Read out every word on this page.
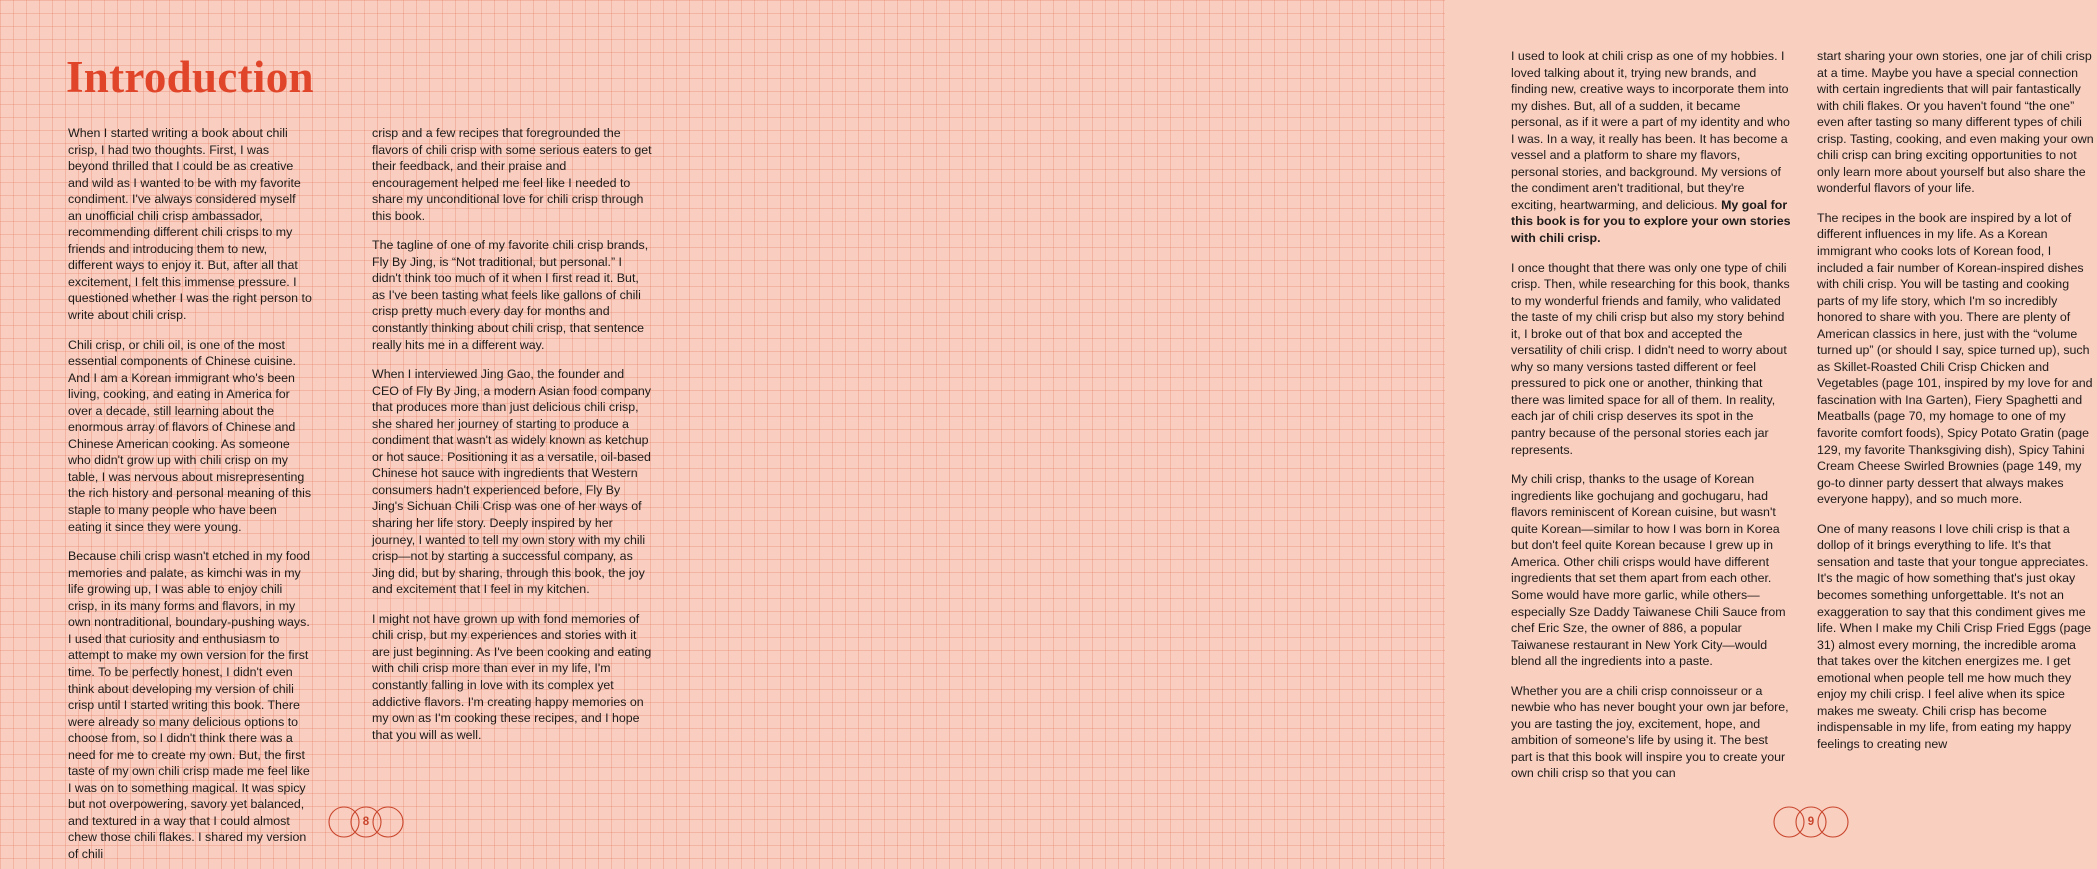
Introduction

When I started writing a book about chili crisp, I had two thoughts. First, I was beyond thrilled that I could be as creative and wild as I wanted to be with my favorite condiment. I've always considered myself an unofficial chili crisp ambassador, recommending different chili crisps to my friends and introducing them to new, different ways to enjoy it. But, after all that excitement, I felt this immense pressure. I questioned whether I was the right person to write about chili crisp.

Chili crisp, or chili oil, is one of the most essential components of Chinese cuisine. And I am a Korean immigrant who's been living, cooking, and eating in America for over a decade, still learning about the enormous array of flavors of Chinese and Chinese American cooking. As someone who didn't grow up with chili crisp on my table, I was nervous about misrepresenting the rich history and personal meaning of this staple to many people who have been eating it since they were young.

Because chili crisp wasn't etched in my food memories and palate, as kimchi was in my life growing up, I was able to enjoy chili crisp, in its many forms and flavors, in my own nontraditional, boundary-pushing ways. I used that curiosity and enthusiasm to attempt to make my own version for the first time. To be perfectly honest, I didn't even think about developing my version of chili crisp until I started writing this book. There were already so many delicious options to choose from, so I didn't think there was a need for me to create my own. But, the first taste of my own chili crisp made me feel like I was on to something magical. It was spicy but not overpowering, savory yet balanced, and textured in a way that I could almost chew those chili flakes. I shared my version of chili

crisp and a few recipes that foregrounded the flavors of chili crisp with some serious eaters to get their feedback, and their praise and encouragement helped me feel like I needed to share my unconditional love for chili crisp through this book.

The tagline of one of my favorite chili crisp brands, Fly By Jing, is “Not traditional, but personal.” I didn't think too much of it when I first read it. But, as I've been tasting what feels like gallons of chili crisp pretty much every day for months and constantly thinking about chili crisp, that sentence really hits me in a different way.

When I interviewed Jing Gao, the founder and CEO of Fly By Jing, a modern Asian food company that produces more than just delicious chili crisp, she shared her journey of starting to produce a condiment that wasn't as widely known as ketchup or hot sauce. Positioning it as a versatile, oil-based Chinese hot sauce with ingredients that Western consumers hadn't experienced before, Fly By Jing's Sichuan Chili Crisp was one of her ways of sharing her life story. Deeply inspired by her journey, I wanted to tell my own story with my chili crisp—not by starting a successful company, as Jing did, but by sharing, through this book, the joy and excitement that I feel in my kitchen.

I might not have grown up with fond memories of chili crisp, but my experiences and stories with it are just beginning. As I've been cooking and eating with chili crisp more than ever in my life, I'm constantly falling in love with its complex yet addictive flavors. I'm creating happy memories on my own as I'm cooking these recipes, and I hope that you will as well.

8

I used to look at chili crisp as one of my hobbies. I loved talking about it, trying new brands, and finding new, creative ways to incorporate them into my dishes. But, all of a sudden, it became personal, as if it were a part of my identity and who I was. In a way, it really has been. It has become a vessel and a platform to share my flavors, personal stories, and background. My versions of the condiment aren't traditional, but they're exciting, heartwarming, and delicious. My goal for this book is for you to explore your own stories with chili crisp.

I once thought that there was only one type of chili crisp. Then, while researching for this book, thanks to my wonderful friends and family, who validated the taste of my chili crisp but also my story behind it, I broke out of that box and accepted the versatility of chili crisp. I didn't need to worry about why so many versions tasted different or feel pressured to pick one or another, thinking that there was limited space for all of them. In reality, each jar of chili crisp deserves its spot in the pantry because of the personal stories each jar represents.

My chili crisp, thanks to the usage of Korean ingredients like gochujang and gochugaru, had flavors reminiscent of Korean cuisine, but wasn't quite Korean—similar to how I was born in Korea but don't feel quite Korean because I grew up in America. Other chili crisps would have different ingredients that set them apart from each other. Some would have more garlic, while others—especially Sze Daddy Taiwanese Chili Sauce from chef Eric Sze, the owner of 886, a popular Taiwanese restaurant in New York City—would blend all the ingredients into a paste.

Whether you are a chili crisp connoisseur or a newbie who has never bought your own jar before, you are tasting the joy, excitement, hope, and ambition of someone's life by using it. The best part is that this book will inspire you to create your own chili crisp so that you can

start sharing your own stories, one jar of chili crisp at a time. Maybe you have a special connection with certain ingredients that will pair fantastically with chili flakes. Or you haven't found “the one” even after tasting so many different types of chili crisp. Tasting, cooking, and even making your own chili crisp can bring exciting opportunities to not only learn more about yourself but also share the wonderful flavors of your life.

The recipes in the book are inspired by a lot of different influences in my life. As a Korean immigrant who cooks lots of Korean food, I included a fair number of Korean-inspired dishes with chili crisp. You will be tasting and cooking parts of my life story, which I'm so incredibly honored to share with you. There are plenty of American classics in here, just with the “volume turned up” (or should I say, spice turned up), such as Skillet-Roasted Chili Crisp Chicken and Vegetables (page 101, inspired by my love for and fascination with Ina Garten), Fiery Spaghetti and Meatballs (page 70, my homage to one of my favorite comfort foods), Spicy Potato Gratin (page 129, my favorite Thanksgiving dish), Spicy Tahini Cream Cheese Swirled Brownies (page 149, my go-to dinner party dessert that always makes everyone happy), and so much more.

One of many reasons I love chili crisp is that a dollop of it brings everything to life. It's that sensation and taste that your tongue appreciates. It's the magic of how something that's just okay becomes something unforgettable. It's not an exaggeration to say that this condiment gives me life. When I make my Chili Crisp Fried Eggs (page 31) almost every morning, the incredible aroma that takes over the kitchen energizes me. I get emotional when people tell me how much they enjoy my chili crisp. I feel alive when its spice makes me sweaty. Chili crisp has become indispensable in my life, from eating my happy feelings to creating new

9
